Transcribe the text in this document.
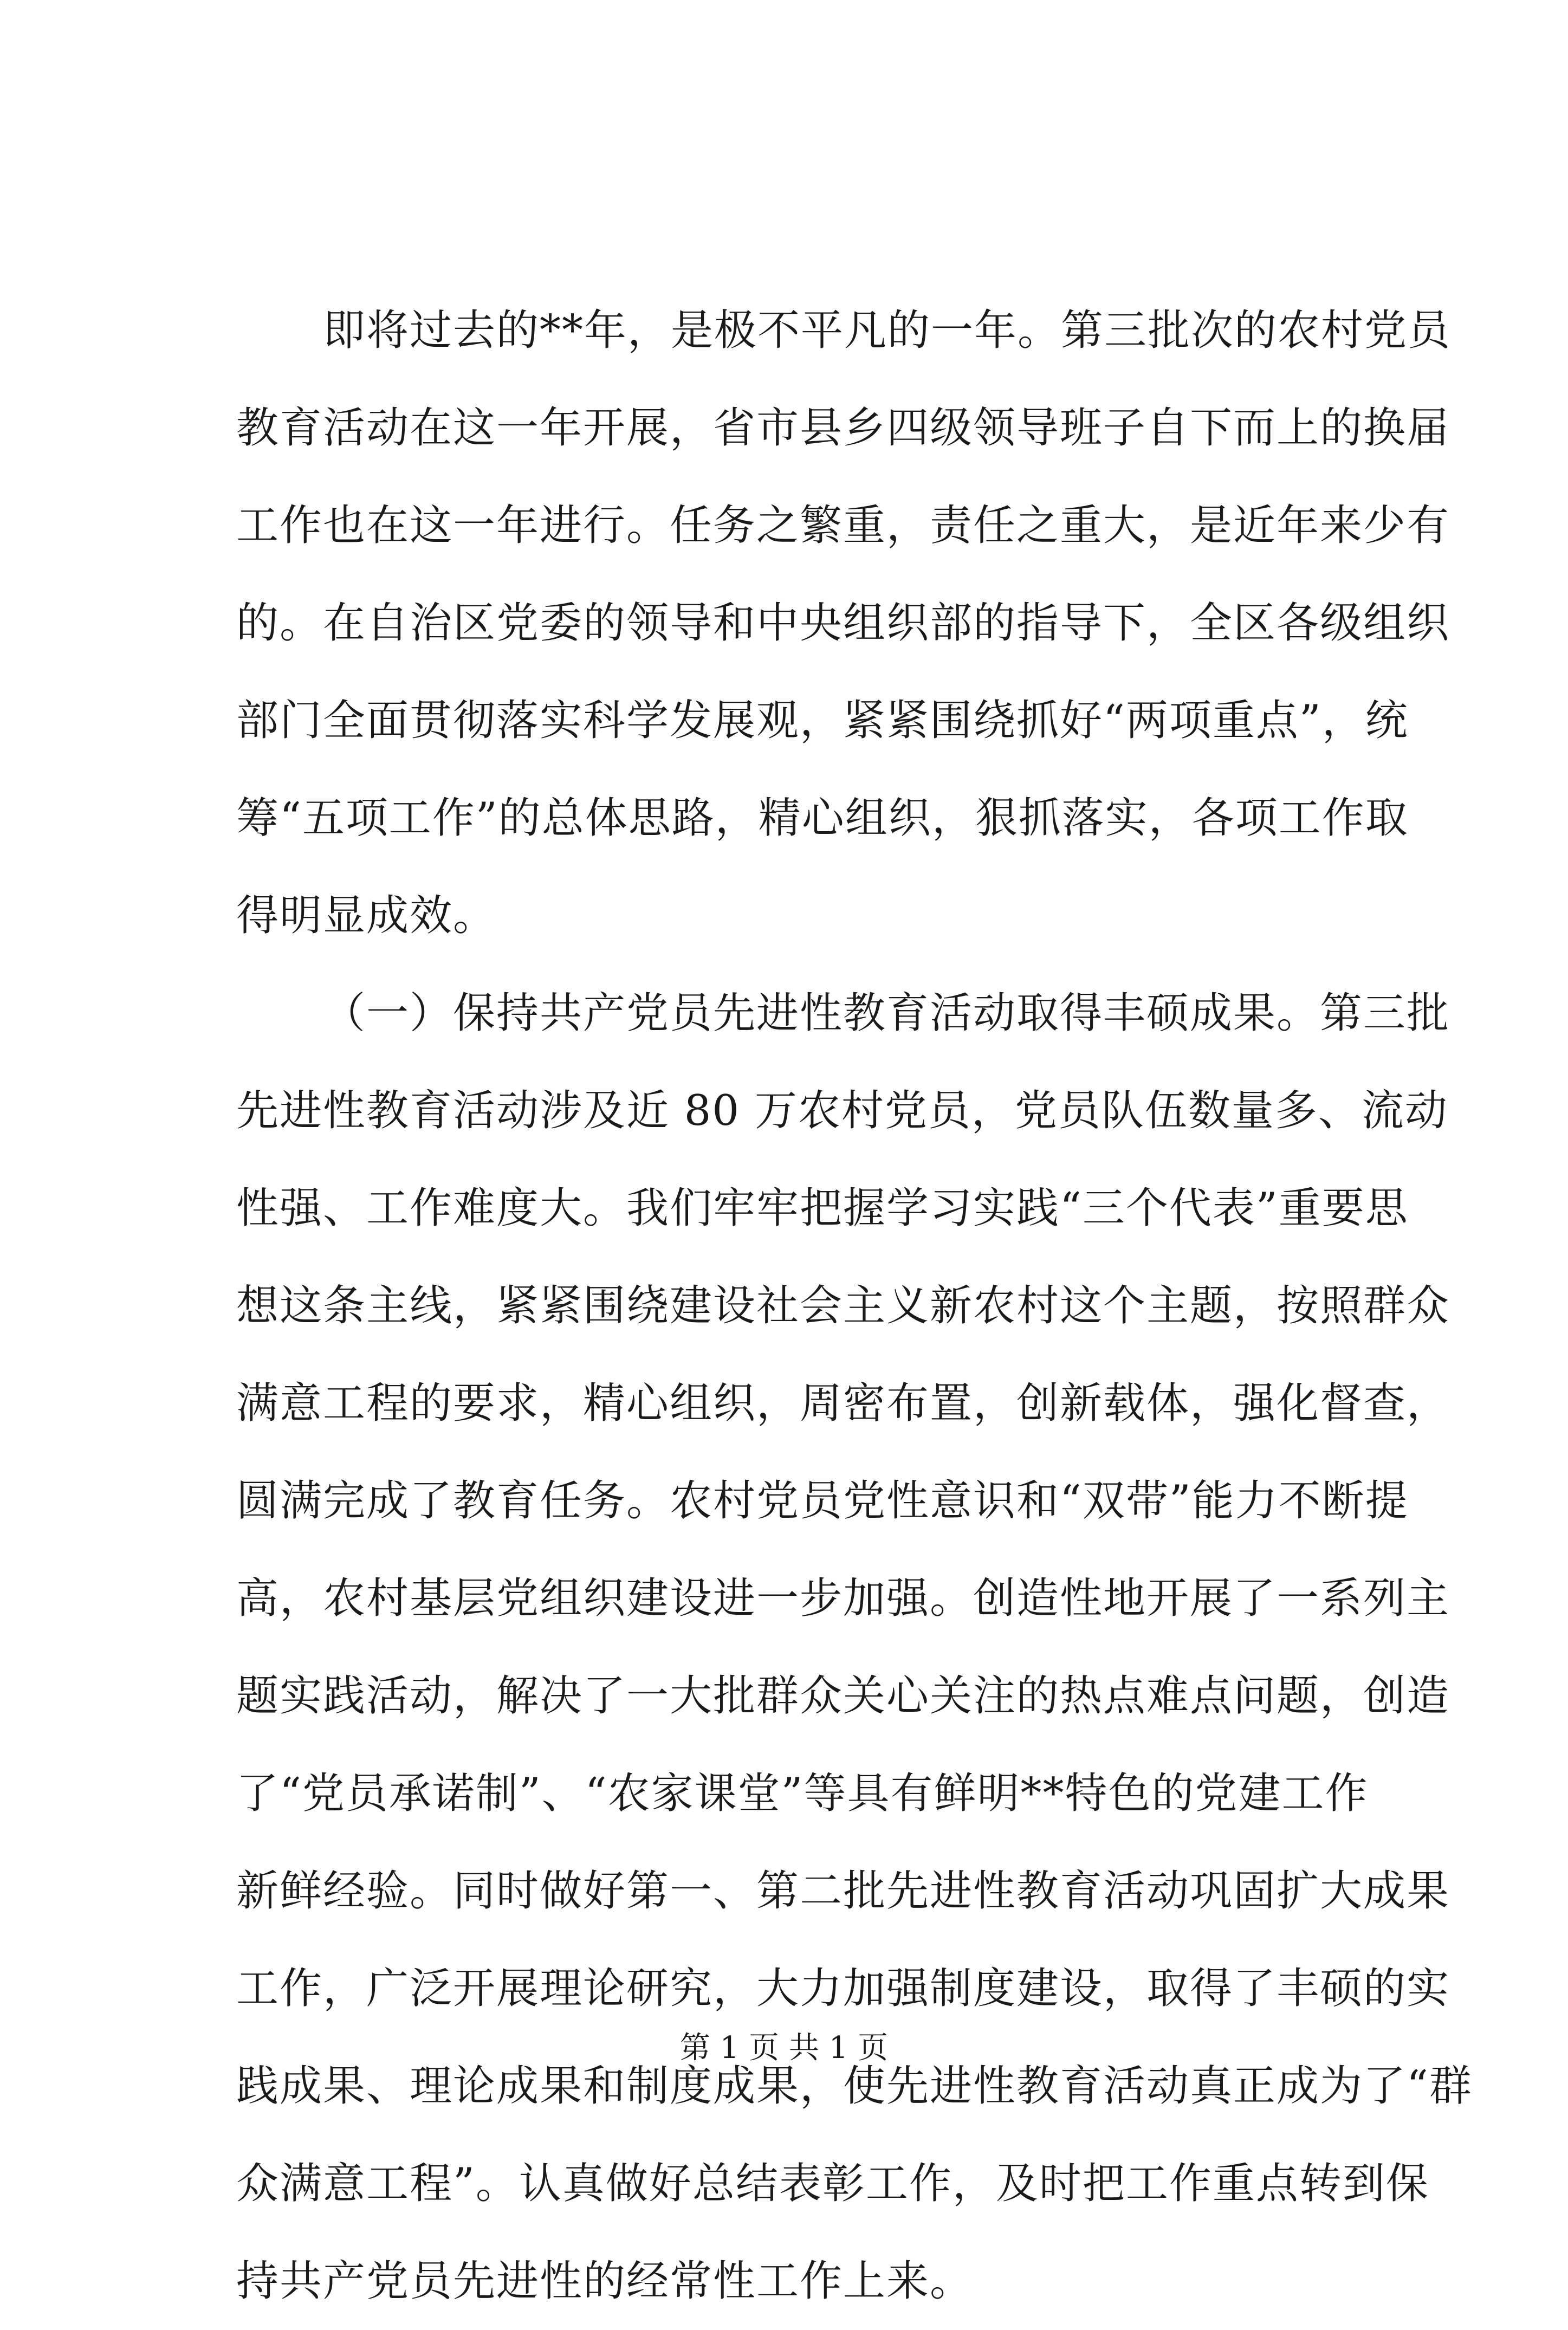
即将过去的**年，是极不平凡的一年。第三批次的农村党员
教育活动在这一年开展，省市县乡四级领导班子自下而上的换届
工作也在这一年进行。任务之繁重，责任之重大，是近年来少有
的。在自治区党委的领导和中央组织部的指导下，全区各级组织
部门全面贯彻落实科学发展观，紧紧围绕抓好“两项重点”，统
筹“五项工作”的总体思路，精心组织，狠抓落实，各项工作取
得明显成效。
（一）保持共产党员先进性教育活动取得丰硕成果。第三批
先进性教育活动涉及近 80 万农村党员，党员队伍数量多、流动
性强、工作难度大。我们牢牢把握学习实践“三个代表”重要思
想这条主线，紧紧围绕建设社会主义新农村这个主题，按照群众
满意工程的要求，精心组织，周密布置，创新载体，强化督查，
圆满完成了教育任务。农村党员党性意识和“双带”能力不断提
高，农村基层党组织建设进一步加强。创造性地开展了一系列主
题实践活动，解决了一大批群众关心关注的热点难点问题，创造
了“党员承诺制”、“农家课堂”等具有鲜明**特色的党建工作
新鲜经验。同时做好第一、第二批先进性教育活动巩固扩大成果
工作，广泛开展理论研究，大力加强制度建设，取得了丰硕的实
践成果、理论成果和制度成果，使先进性教育活动真正成为了“群
众满意工程”。认真做好总结表彰工作，及时把工作重点转到保
持共产党员先进性的经常性工作上来。
第 1 页 共 1 页
